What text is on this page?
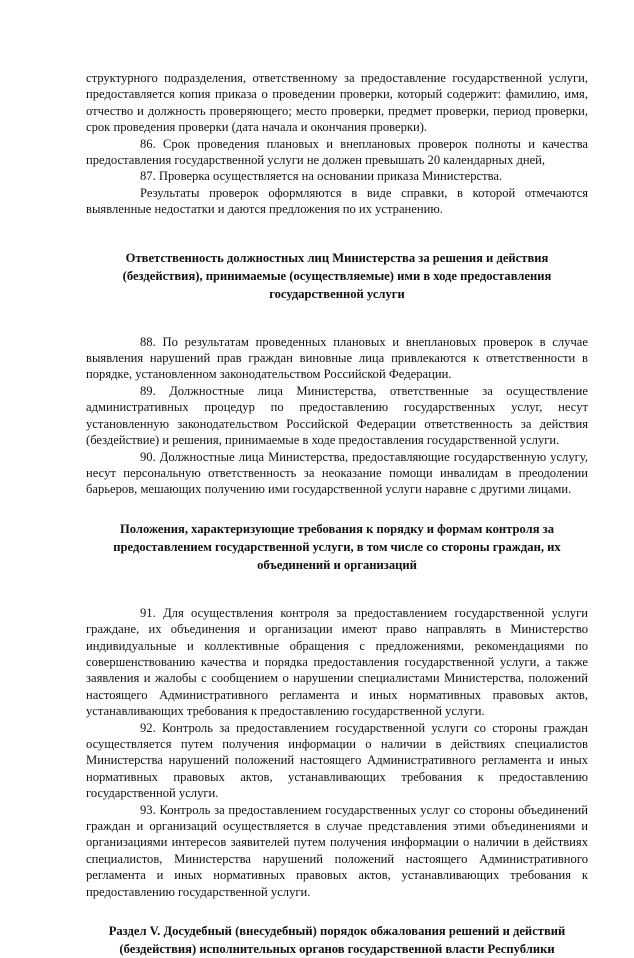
структурного подразделения, ответственному за предоставление государственной услуги, предоставляется копия приказа о проведении проверки, который содержит: фамилию, имя, отчество и должность проверяющего; место проверки, предмет проверки, период проверки, срок проведения проверки (дата начала и окончания проверки).

86. Срок проведения плановых и внеплановых проверок полноты и качества предоставления государственной услуги не должен превышать 20 календарных дней,

87. Проверка осуществляется на основании приказа Министерства.

Результаты проверок оформляются в виде справки, в которой отмечаются выявленные недостатки и даются предложения по их устранению.

Ответственность должностных лиц Министерства за решения и действия (бездействия), принимаемые (осуществляемые) ими в ходе предоставления государственной услуги

88. По результатам проведенных плановых и внеплановых проверок в случае выявления нарушений прав граждан виновные лица привлекаются к ответственности в порядке, установленном законодательством Российской Федерации.

89. Должностные лица Министерства, ответственные за осуществление административных процедур по предоставлению государственных услуг, несут установленную законодательством Российской Федерации ответственность за действия (бездействие) и решения, принимаемые в ходе предоставления государственной услуги.

90. Должностные лица Министерства, предоставляющие государственную услугу, несут персональную ответственность за неоказание помощи инвалидам в преодолении барьеров, мешающих получению ими государственной услуги наравне с другими лицами.

Положения, характеризующие требования к порядку и формам контроля за предоставлением государственной услуги, в том числе со стороны граждан, их объединений и организаций

91. Для осуществления контроля за предоставлением государственной услуги граждане, их объединения и организации имеют право направлять в Министерство индивидуальные и коллективные обращения с предложениями, рекомендациями по совершенствованию качества и порядка предоставления государственной услуги, а также заявления и жалобы с сообщением о нарушении специалистами Министерства, положений настоящего Административного регламента и иных нормативных правовых актов, устанавливающих требования к предоставлению государственной услуги.

92. Контроль за предоставлением государственной услуги со стороны граждан осуществляется путем получения информации о наличии в действиях специалистов Министерства нарушений положений настоящего Административного регламента и иных нормативных правовых актов, устанавливающих требования к предоставлению государственной услуги.

93. Контроль за предоставлением государственных услуг со стороны объединений граждан и организаций осуществляется в случае представления этими объединениями и организациями интересов заявителей путем получения информации о наличии в действиях специалистов, Министерства нарушений положений настоящего Административного регламента и иных нормативных правовых актов, устанавливающих требования к предоставлению государственной услуги.

Раздел V. Досудебный (внесудебный) порядок обжалования решений и действий (бездействия) исполнительных органов государственной власти Республики
